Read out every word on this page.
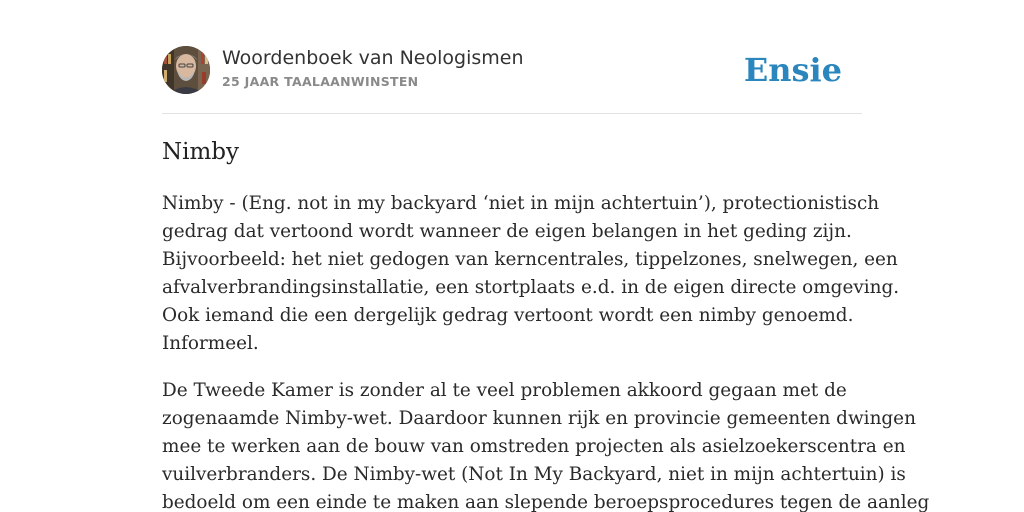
Woordenboek van Neologismen
25 JAAR TAALAANWINSTEN	Ensie
Nimby
Nimby - (Eng. not in my backyard ‘niet in mijn achtertuin’), protectionistisch
gedrag dat vertoond wordt wanneer de eigen belangen in het geding zijn.
Bijvoorbeeld: het niet gedogen van kerncentrales, tippelzones, snelwegen, een
afvalverbrandingsinstallatie, een stortplaats e.d. in de eigen directe omgeving.
Ook iemand die een dergelijk gedrag vertoont wordt een nimby genoemd.
Informeel.
De Tweede Kamer is zonder al te veel problemen akkoord gegaan met de
zogenaamde Nimby-wet. Daardoor kunnen rijk en provincie gemeenten dwingen
mee te werken aan de bouw van omstreden projecten als asielzoekerscentra en
vuilverbranders. De Nimby-wet (Not In My Backyard, niet in mijn achtertuin) is
bedoeld om een einde te maken aan slepende beroepsprocedures tegen de aanleg
